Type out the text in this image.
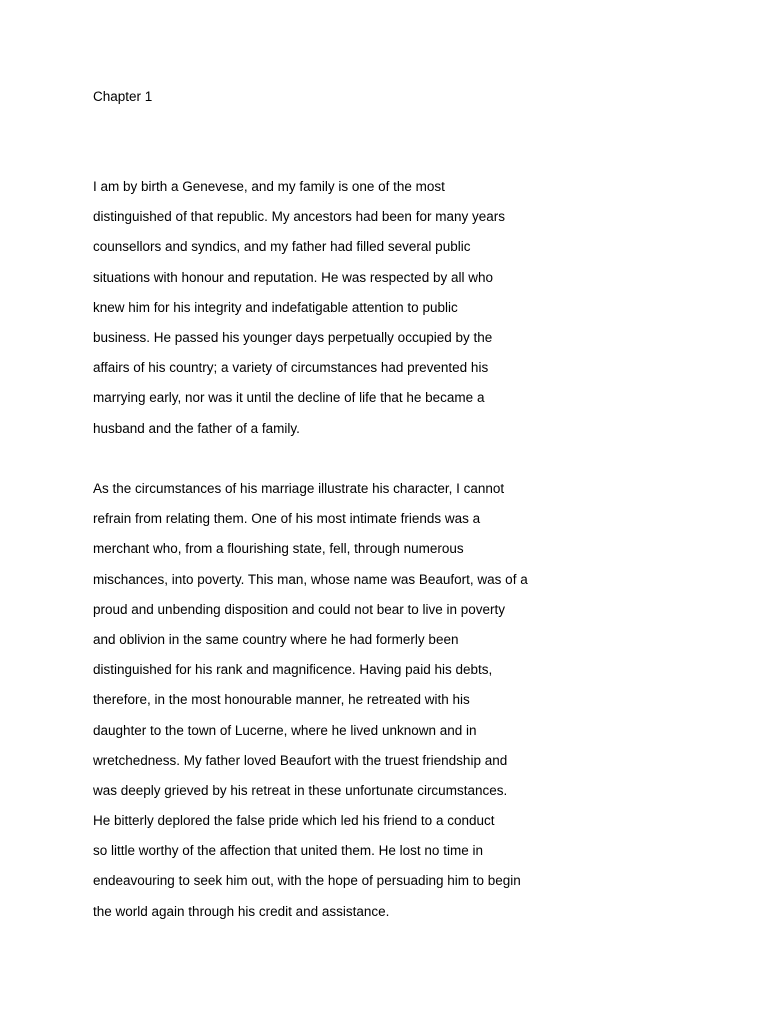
Chapter 1
I am by birth a Genevese, and my family is one of the most
distinguished of that republic. My ancestors had been for many years
counsellors and syndics, and my father had filled several public
situations with honour and reputation. He was respected by all who
knew him for his integrity and indefatigable attention to public
business. He passed his younger days perpetually occupied by the
affairs of his country; a variety of circumstances had prevented his
marrying early, nor was it until the decline of life that he became a
husband and the father of a family.
As the circumstances of his marriage illustrate his character, I cannot
refrain from relating them. One of his most intimate friends was a
merchant who, from a flourishing state, fell, through numerous
mischances, into poverty. This man, whose name was Beaufort, was of a
proud and unbending disposition and could not bear to live in poverty
and oblivion in the same country where he had formerly been
distinguished for his rank and magnificence. Having paid his debts,
therefore, in the most honourable manner, he retreated with his
daughter to the town of Lucerne, where he lived unknown and in
wretchedness. My father loved Beaufort with the truest friendship and
was deeply grieved by his retreat in these unfortunate circumstances.
He bitterly deplored the false pride which led his friend to a conduct
so little worthy of the affection that united them. He lost no time in
endeavouring to seek him out, with the hope of persuading him to begin
the world again through his credit and assistance.
